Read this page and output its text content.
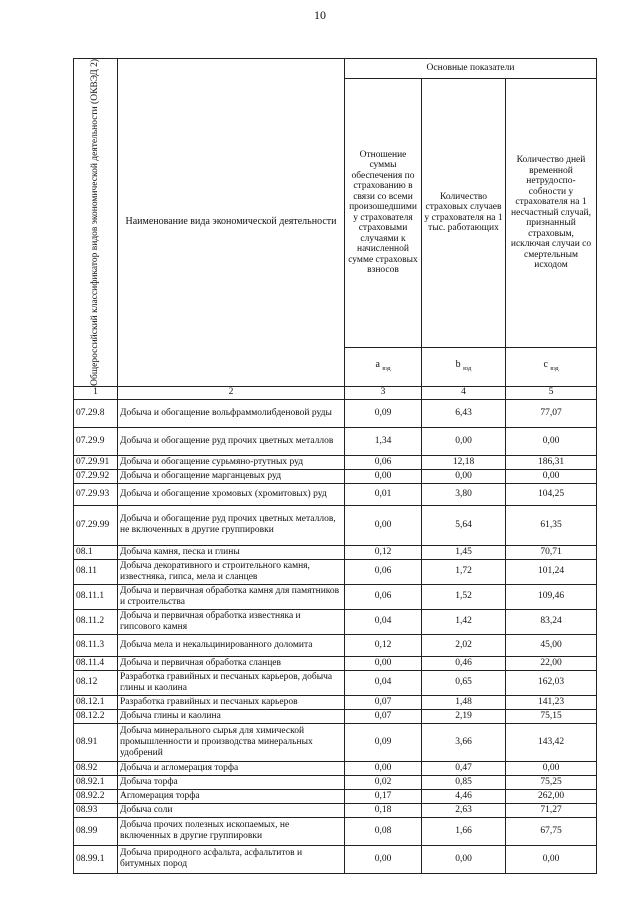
10
Общероссийский классификатор видов экономической деятельности (ОКВЭД 2)	Наименование вида экономической деятельности	Основные показатели		
		Отношение суммы обеспечения по страхованию в связи со всеми произошедшими у страхователя страховыми случаями к начисленной сумме страховых взносов	Количество страховых случаев у страхователя на 1 тыс. работающих	Количество дней временной нетрудоспо-собности у страхователя на 1 несчастный случай, признанный страховым, исключая случаи со смертельным исходом
		a $_{вэд}$	b $_{вэд}$	c $_{вэд}$
1	2	3	4	5
07.29.8	Добыча и обогащение вольфраммолибденовой руды	0,09	6,43	77,07
07.29.9	Добыча и обогащение руд прочих цветных металлов	1,34	0,00	0,00
07.29.91	Добыча и обогащение сурьмяно-ртутных руд	0,06	12,18	186,31
07.29.92	Добыча и обогащение марганцевых руд	0,00	0,00	0,00
07.29.93	Добыча и обогащение хромовых (хромитовых) руд	0,01	3,80	104,25
07.29.99	Добыча и обогащение руд прочих цветных металлов, не включенных в другие группировки	0,00	5,64	61,35
08.1	Добыча камня, песка и глины	0,12	1,45	70,71
08.11	Добыча декоративного и строительного камня, известняка, гипса, мела и сланцев	0,06	1,72	101,24
08.11.1	Добыча и первичная обработка камня для памятников и строительства	0,06	1,52	109,46
08.11.2	Добыча и первичная обработка известняка и гипсового камня	0,04	1,42	83,24
08.11.3	Добыча мела и некальцинированного доломита	0,12	2,02	45,00
08.11.4	Добыча и первичная обработка сланцев	0,00	0,46	22,00
08.12	Разработка гравийных и песчаных карьеров, добыча глины и каолина	0,04	0,65	162,03
08.12.1	Разработка гравийных и песчаных карьеров	0,07	1,48	141,23
08.12.2	Добыча глины и каолина	0,07	2,19	75,15
08.91	Добыча минерального сырья для химической промышленности и производства минеральных удобрений	0,09	3,66	143,42
08.92	Добыча и агломерация торфа	0,00	0,47	0,00
08.92.1	Добыча торфа	0,02	0,85	75,25
08.92.2	Агломерация торфа	0,17	4,46	262,00
08.93	Добыча соли	0,18	2,63	71,27
08.99	Добыча прочих полезных ископаемых, не включенных в другие группировки	0,08	1,66	67,75
08.99.1	Добыча природного асфальта, асфальтитов и битумных пород	0,00	0,00	0,00
